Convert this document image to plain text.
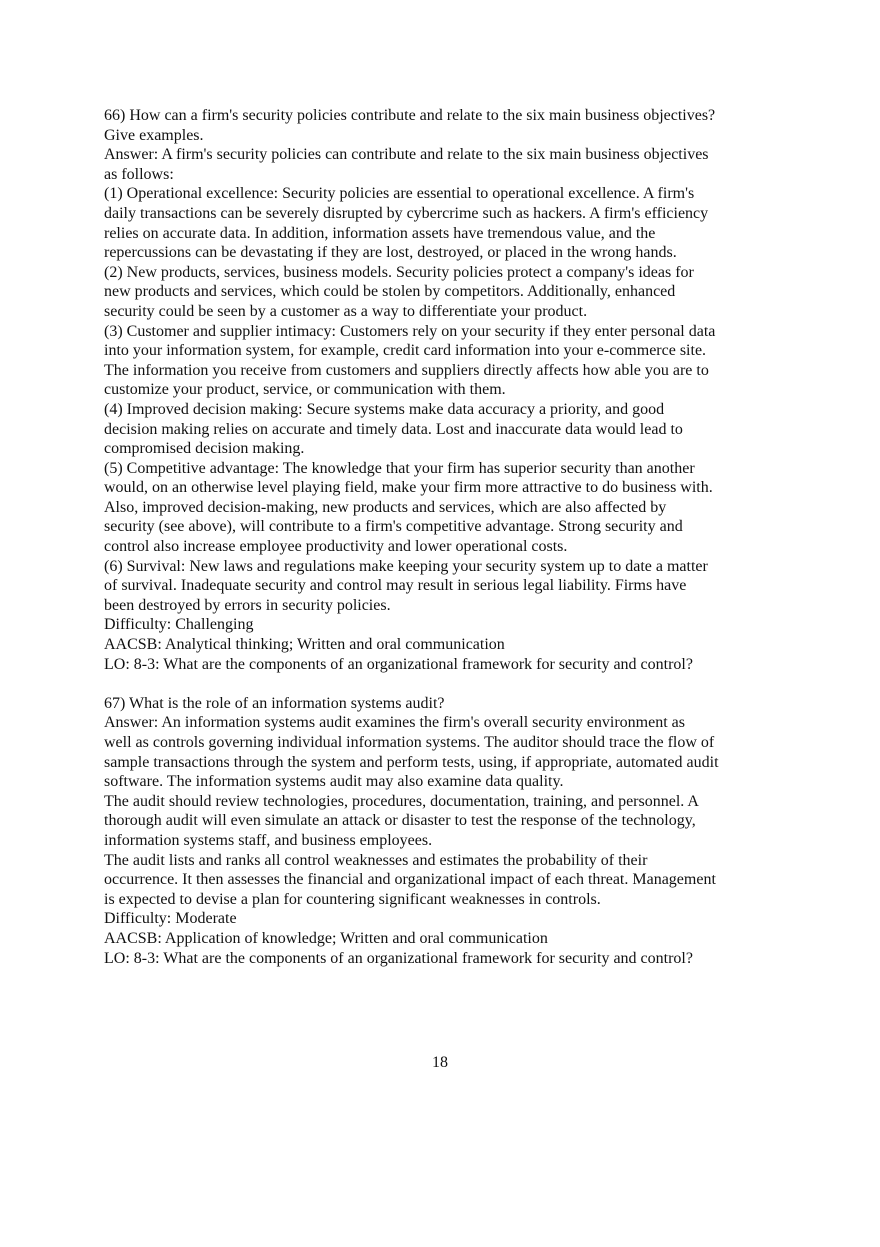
66) How can a firm's security policies contribute and relate to the six main business objectives?

Give examples.

Answer: A firm's security policies can contribute and relate to the six main business objectives

as follows:

(1) Operational excellence: Security policies are essential to operational excellence. A firm's

daily transactions can be severely disrupted by cybercrime such as hackers. A firm's efficiency

relies on accurate data. In addition, information assets have tremendous value, and the

repercussions can be devastating if they are lost, destroyed, or placed in the wrong hands.

(2) New products, services, business models. Security policies protect a company's ideas for

new products and services, which could be stolen by competitors. Additionally, enhanced

security could be seen by a customer as a way to differentiate your product.

(3) Customer and supplier intimacy: Customers rely on your security if they enter personal data

into your information system, for example, credit card information into your e-commerce site.

The information you receive from customers and suppliers directly affects how able you are to

customize your product, service, or communication with them.

(4) Improved decision making: Secure systems make data accuracy a priority, and good

decision making relies on accurate and timely data. Lost and inaccurate data would lead to

compromised decision making.

(5) Competitive advantage: The knowledge that your firm has superior security than another

would, on an otherwise level playing field, make your firm more attractive to do business with.

Also, improved decision-making, new products and services, which are also affected by

security (see above), will contribute to a firm's competitive advantage. Strong security and

control also increase employee productivity and lower operational costs.

(6) Survival: New laws and regulations make keeping your security system up to date a matter

of survival. Inadequate security and control may result in serious legal liability. Firms have

been destroyed by errors in security policies.

Difficulty: Challenging

AACSB: Analytical thinking; Written and oral communication

LO: 8-3: What are the components of an organizational framework for security and control?

67) What is the role of an information systems audit?

Answer: An information systems audit examines the firm's overall security environment as

well as controls governing individual information systems. The auditor should trace the flow of

sample transactions through the system and perform tests, using, if appropriate, automated audit

software. The information systems audit may also examine data quality.

The audit should review technologies, procedures, documentation, training, and personnel. A

thorough audit will even simulate an attack or disaster to test the response of the technology,

information systems staff, and business employees.

The audit lists and ranks all control weaknesses and estimates the probability of their

occurrence. It then assesses the financial and organizational impact of each threat. Management

is expected to devise a plan for countering significant weaknesses in controls.

Difficulty: Moderate

AACSB: Application of knowledge; Written and oral communication

LO: 8-3: What are the components of an organizational framework for security and control?

18
